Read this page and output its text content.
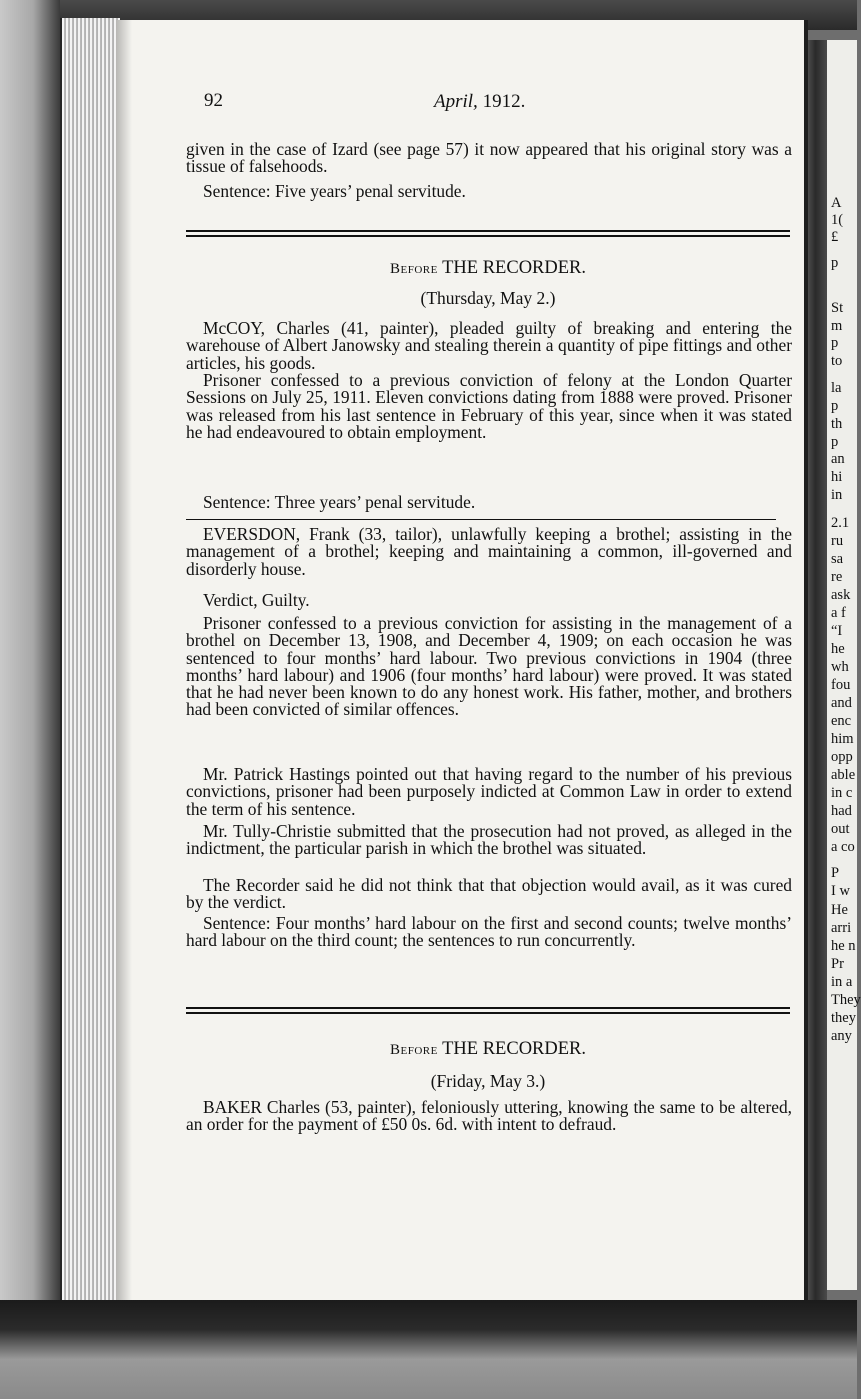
A
1(
£
p
St
m
p
to
la
p
th
p
an
hi
in
2.1
ru
sa
re
ask
a f
“I
he
wh
fou
and
enc
him
opp
able
in c
had
out
a co
P
I w
He
arri
he n
Pr
in a
They
they
any
92	April, 1912.

given in the case of Izard (see page 57) it now appeared that his original story was a tissue of falsehoods.

Sentence: Five years’ penal servitude.
Before THE RECORDER.
(Thursday, May 2.)

McCOY, Charles (41, painter), pleaded guilty of breaking and entering the warehouse of Albert Janowsky and stealing therein a quantity of pipe fittings and other articles, his goods.

Prisoner confessed to a previous conviction of felony at the London Quarter Sessions on July 25, 1911. Eleven convictions dating from 1888 were proved. Prisoner was released from his last sentence in February of this year, since when it was stated he had endeavoured to obtain employment.

Sentence: Three years’ penal servitude.

EVERSDON, Frank (33, tailor), unlawfully keeping a brothel; assisting in the management of a brothel; keeping and maintaining a common, ill-governed and disorderly house.

Verdict, Guilty.

Prisoner confessed to a previous conviction for assisting in the management of a brothel on December 13, 1908, and December 4, 1909; on each occasion he was sentenced to four months’ hard labour. Two previous convictions in 1904 (three months’ hard labour) and 1906 (four months’ hard labour) were proved. It was stated that he had never been known to do any honest work. His father, mother, and brothers had been convicted of similar offences.

Mr. Patrick Hastings pointed out that having regard to the number of his previous convictions, prisoner had been purposely indicted at Common Law in order to extend the term of his sentence.

Mr. Tully-Christie submitted that the prosecution had not proved, as alleged in the indictment, the particular parish in which the brothel was situated.

The Recorder said he did not think that that objection would avail, as it was cured by the verdict.

Sentence: Four months’ hard labour on the first and second counts; twelve months’ hard labour on the third count; the sentences to run concurrently.

Before THE RECORDER.
(Friday, May 3.)

BAKER Charles (53, painter), feloniously uttering, knowing the same to be altered, an order for the payment of £50 0s. 6d. with intent to defraud.
